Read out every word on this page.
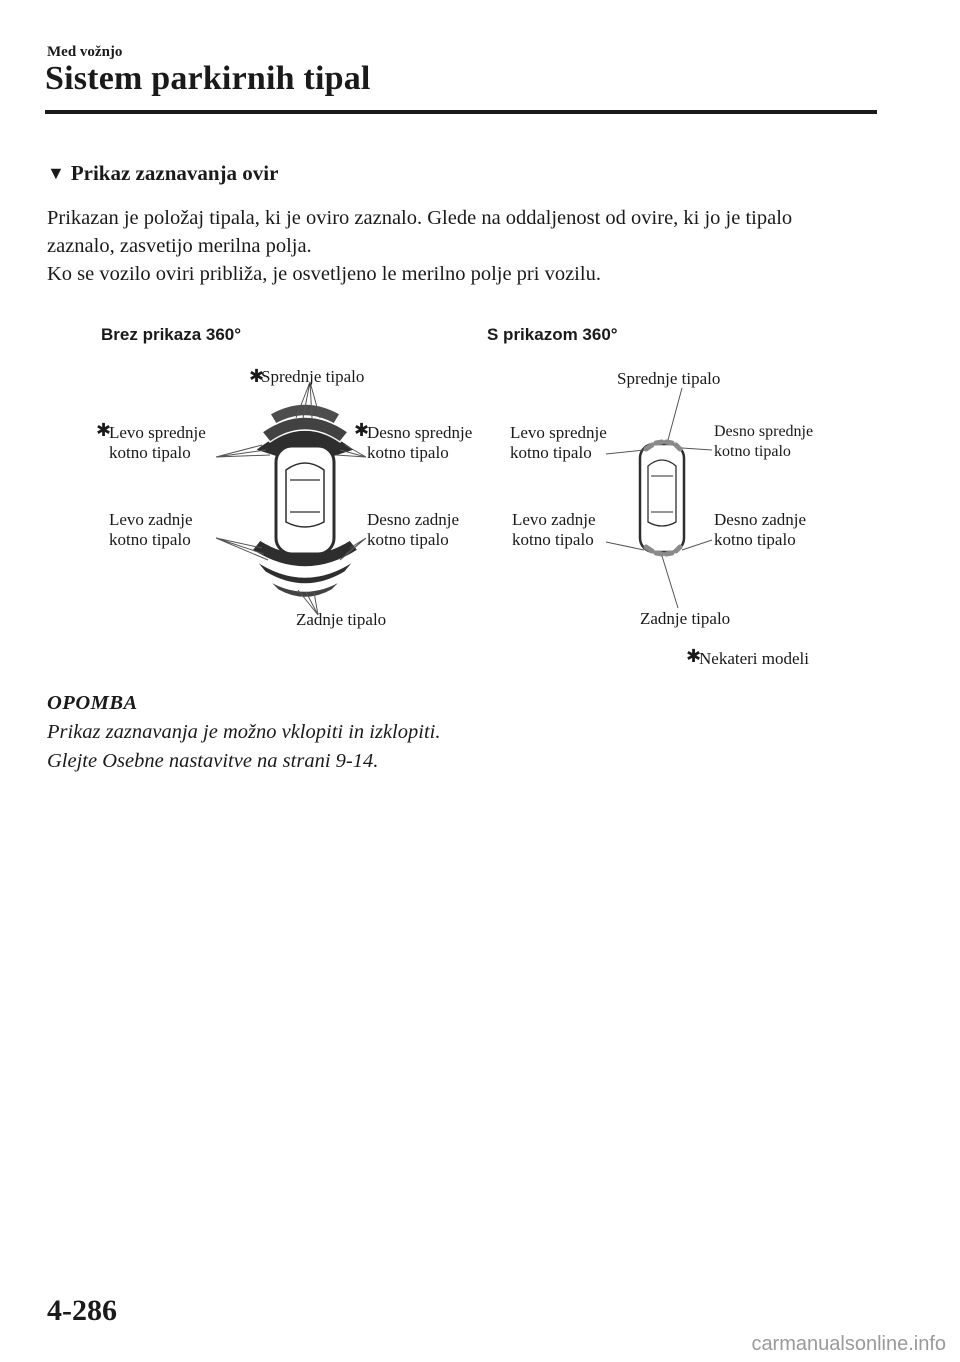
Med vožnjo
Sistem parkirnih tipal
▼ Prikaz zaznavanja ovir

Prikazan je položaj tipala, ki je oviro zaznalo. Glede na oddaljenost od ovire, ki jo je tipalo

zaznalo, zasvetijo merilna polja.

Ko se vozilo oviri približa, je osvetljeno le merilno polje pri vozilu.

Brez prikaza 360°
✱
Sprednje tipalo
✱
Levo sprednje
kotno tipalo
✱
Desno sprednje
kotno tipalo
Levo zadnje
kotno tipalo
Desno zadnje
kotno tipalo
Zadnje tipalo
S prikazom 360°
Sprednje tipalo
Levo sprednje
kotno tipalo
Desno sprednje
kotno tipalo
Levo zadnje
kotno tipalo
Desno zadnje
kotno tipalo
Zadnje tipalo
✱
Nekateri modeli
OPOMBA
Prikaz zaznavanja je možno vklopiti in izklopiti.
Glejte Osebne nastavitve na strani 9-14.
4-286
carmanualsonline.info
